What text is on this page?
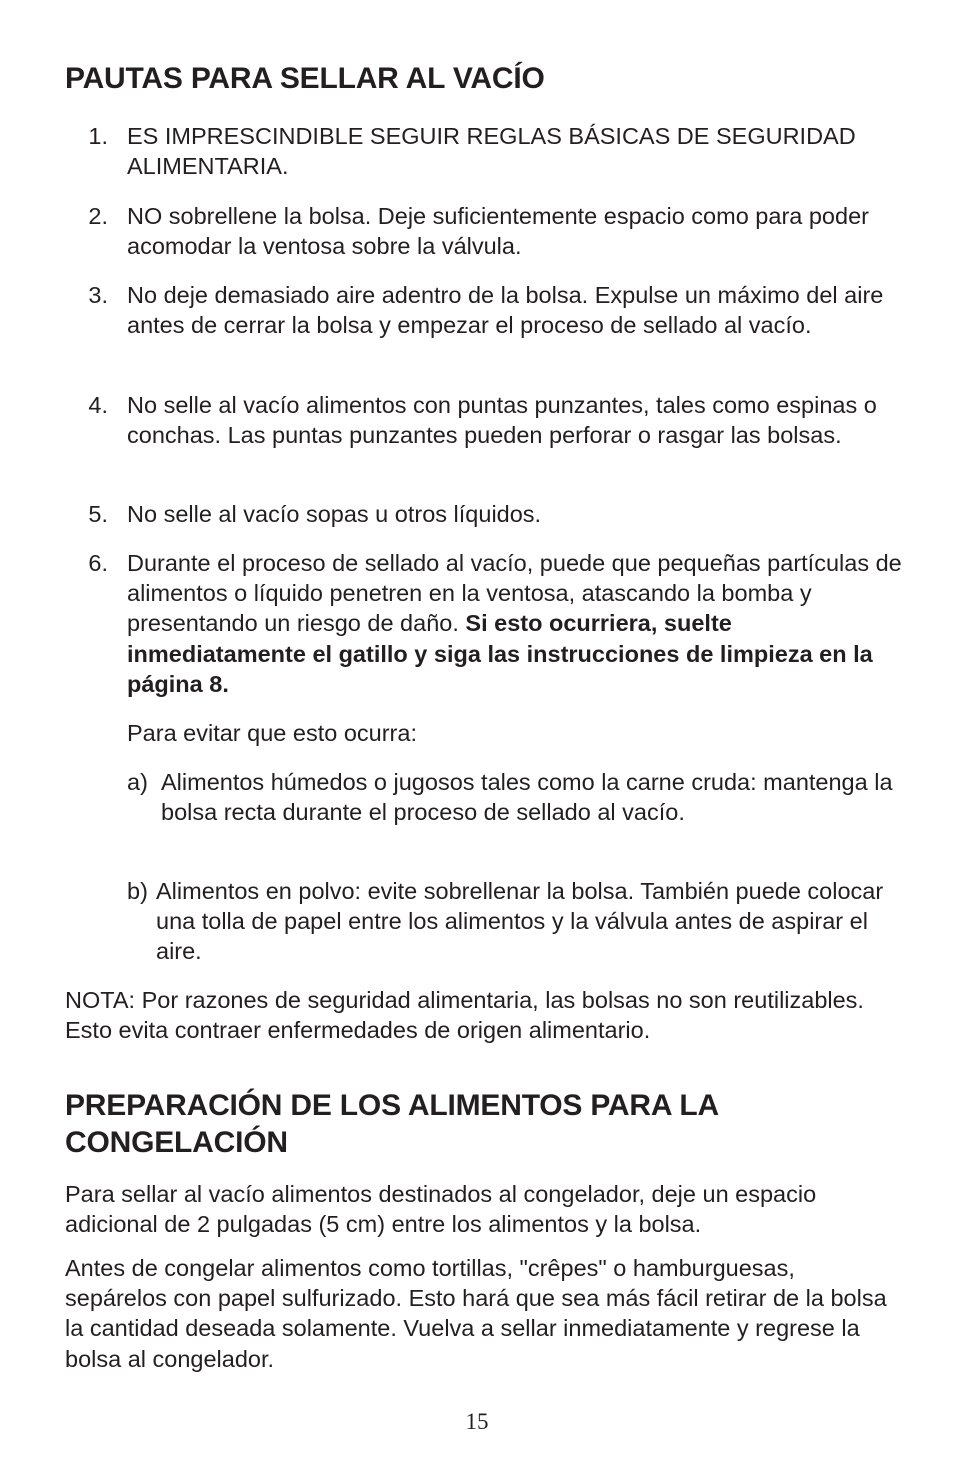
PAUTAS PARA SELLAR AL VACÍO
1. ES IMPRESCINDIBLE SEGUIR REGLAS BÁSICAS DE SEGURIDAD ALIMENTARIA.

2. NO sobrellene la bolsa. Deje suficientemente espacio como para poder acomodar la ventosa sobre la válvula.

3. No deje demasiado aire adentro de la bolsa. Expulse un máximo del aire antes de cerrar la bolsa y empezar el proceso de sellado al vacío.

4. No selle al vacío alimentos con puntas punzantes, tales como espinas o conchas. Las puntas punzantes pueden perforar o rasgar las bolsas.

5. No selle al vacío sopas u otros líquidos.

6. Durante el proceso de sellado al vacío, puede que pequeñas partículas de alimentos o líquido penetren en la ventosa, atascando la bomba y presentando un riesgo de daño. Si esto ocurriera, suelte inmediatamente el gatillo y siga las instrucciones de limpieza en la página 8.

Para evitar que esto ocurra:

a) Alimentos húmedos o jugosos tales como la carne cruda: mantenga la bolsa recta durante el proceso de sellado al vacío.

b) Alimentos en polvo: evite sobrellenar la bolsa. También puede colocar una tolla de papel entre los alimentos y la válvula antes de aspirar el aire.

NOTA: Por razones de seguridad alimentaria, las bolsas no son reutilizables. Esto evita contraer enfermedades de origen alimentario.

PREPARACIÓN DE LOS ALIMENTOS PARA LA CONGELACIÓN

Para sellar al vacío alimentos destinados al congelador, deje un espacio adicional de 2 pulgadas (5 cm) entre los alimentos y la bolsa.

Antes de congelar alimentos como tortillas, "crêpes" o hamburguesas, sepárelos con papel sulfurizado. Esto hará que sea más fácil retirar de la bolsa la cantidad deseada solamente. Vuelva a sellar inmediatamente y regrese la bolsa al congelador.

15
